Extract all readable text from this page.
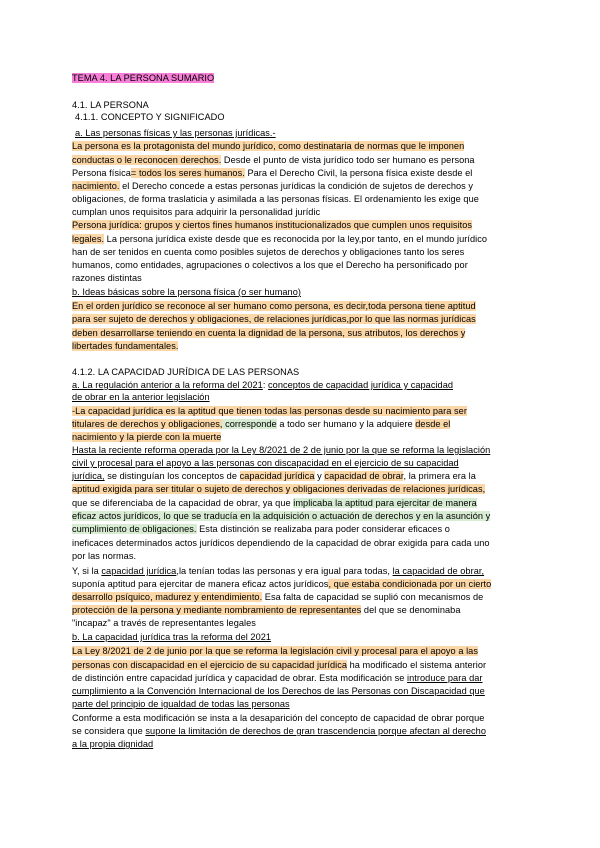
TEMA 4. LA PERSONA SUMARIO
4.1. LA PERSONA
4.1.1. CONCEPTO Y SIGNIFICADO
a. Las personas físicas y las personas jurídicas.-
La persona es la protagonista del mundo jurídico, como destinataria de normas que le imponen
conductas o le reconocen derechos. Desde el punto de vista jurídico todo ser humano es persona
Persona física= todos los seres humanos. Para el Derecho Civil, la persona física existe desde el
nacimiento. el Derecho concede a estas personas jurídicas la condición de sujetos de derechos y
obligaciones, de forma traslaticia y asimilada a las personas físicas. El ordenamiento les exige que
cumplan unos requisitos para adquirir la personalidad jurídic
Persona jurídica: grupos y ciertos fines humanos institucionalizados que cumplen unos requisitos
legales. La persona jurídica existe desde que es reconocida por la ley,por tanto, en el mundo jurídico
han de ser tenidos en cuenta como posibles sujetos de derechos y obligaciones tanto los seres
humanos, como entidades, agrupaciones o colectivos a los que el Derecho ha personificado por
razones distintas
b. Ideas básicas sobre la persona física (o ser humano)
En el orden jurídico se reconoce al ser humano como persona, es decir,toda persona tiene aptitud
para ser sujeto de derechos y obligaciones, de relaciones jurídicas,por lo que las normas jurídicas
deben desarrollarse teniendo en cuenta la dignidad de la persona, sus atributos, los derechos y
libertades fundamentales.
4.1.2. LA CAPACIDAD JURÍDICA DE LAS PERSONAS
a. La regulación anterior a la reforma del 2021: conceptos de capacidad jurídica y capacidad
de obrar en la anterior legislación
-La capacidad jurídica es la aptitud que tienen todas las personas desde su nacimiento para ser
titulares de derechos y obligaciones, corresponde a todo ser humano y la adquiere desde el
nacimiento y la pierde con la muerte
Hasta la reciente reforma operada por la Ley 8/2021 de 2 de junio por la que se reforma la legislación
civil y procesal para el apoyo a las personas con discapacidad en el ejercicio de su capacidad
jurídica, se distinguían los conceptos de capacidad jurídica y capacidad de obrar, la primera era la
aptitud exigida para ser titular o sujeto de derechos y obligaciones derivadas de relaciones jurídicas,
que se diferenciaba de la capacidad de obrar, ya que implicaba la aptitud para ejercitar de manera
eficaz actos jurídicos, lo que se traducía en la adquisición o actuación de derechos y en la asunción y
cumplimiento de obligaciones. Esta distinción se realizaba para poder considerar eficaces o
ineficaces determinados actos jurídicos dependiendo de la capacidad de obrar exigida para cada uno
por las normas.
Y, si la capacidad jurídica,la tenían todas las personas y era igual para todas, la capacidad de obrar,
suponía aptitud para ejercitar de manera eficaz actos jurídicos, que estaba condicionada por un cierto
desarrollo psíquico, madurez y entendimiento. Esa falta de capacidad se suplió con mecanismos de
protección de la persona y mediante nombramiento de representantes del que se denominaba
"incapaz" a través de representantes legales
b. La capacidad jurídica tras la reforma del 2021
La Ley 8/2021 de 2 de junio por la que se reforma la legislación civil y procesal para el apoyo a las
personas con discapacidad en el ejercicio de su capacidad jurídica ha modificado el sistema anterior
de distinción entre capacidad jurídica y capacidad de obrar. Esta modificación se introduce para dar
cumplimiento a la Convención Internacional de los Derechos de las Personas con Discapacidad que
parte del principio de igualdad de todas las personas
Conforme a esta modificación se insta a la desaparición del concepto de capacidad de obrar porque
se considera que supone la limitación de derechos de gran trascendencia porque afectan al derecho
a la propia dignidad
